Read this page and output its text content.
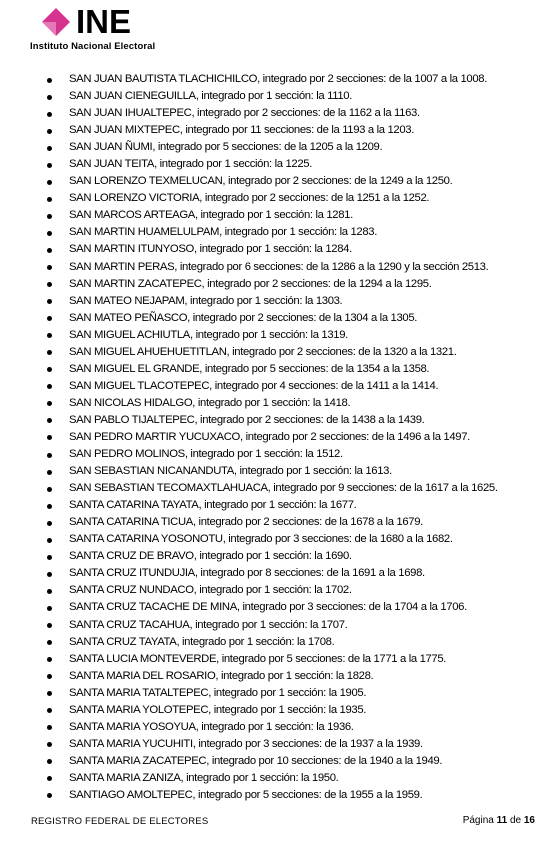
INE
Instituto Nacional Electoral
SAN JUAN BAUTISTA TLACHICHILCO, integrado por 2 secciones: de la 1007 a la 1008.
SAN JUAN CIENEGUILLA, integrado por 1 sección: la 1110.
SAN JUAN IHUALTEPEC, integrado por 2 secciones: de la 1162 a la 1163.
SAN JUAN MIXTEPEC, integrado por 11 secciones: de la 1193 a la 1203.
SAN JUAN ÑUMI, integrado por 5 secciones: de la 1205 a la 1209.
SAN JUAN TEITA, integrado por 1 sección: la 1225.
SAN LORENZO TEXMELUCAN, integrado por 2 secciones: de la 1249 a la 1250.
SAN LORENZO VICTORIA, integrado por 2 secciones: de la 1251 a la 1252.
SAN MARCOS ARTEAGA, integrado por 1 sección: la 1281.
SAN MARTIN HUAMELULPAM, integrado por 1 sección: la 1283.
SAN MARTIN ITUNYOSO, integrado por 1 sección: la 1284.
SAN MARTIN PERAS, integrado por 6 secciones: de la 1286 a la 1290 y la sección 2513.
SAN MARTIN ZACATEPEC, integrado por 2 secciones: de la 1294 a la 1295.
SAN MATEO NEJAPAM, integrado por 1 sección: la 1303.
SAN MATEO PEÑASCO, integrado por 2 secciones: de la 1304 a la 1305.
SAN MIGUEL ACHIUTLA, integrado por 1 sección: la 1319.
SAN MIGUEL AHUEHUETITLAN, integrado por 2 secciones: de la 1320 a la 1321.
SAN MIGUEL EL GRANDE, integrado por 5 secciones: de la 1354 a la 1358.
SAN MIGUEL TLACOTEPEC, integrado por 4 secciones: de la 1411 a la 1414.
SAN NICOLAS HIDALGO, integrado por 1 sección: la 1418.
SAN PABLO TIJALTEPEC, integrado por 2 secciones: de la 1438 a la 1439.
SAN PEDRO MARTIR YUCUXACO, integrado por 2 secciones: de la 1496 a la 1497.
SAN PEDRO MOLINOS, integrado por 1 sección: la 1512.
SAN SEBASTIAN NICANANDUTA, integrado por 1 sección: la 1613.
SAN SEBASTIAN TECOMAXTLAHUACA, integrado por 9 secciones: de la 1617 a la 1625.
SANTA CATARINA TAYATA, integrado por 1 sección: la 1677.
SANTA CATARINA TICUA, integrado por 2 secciones: de la 1678 a la 1679.
SANTA CATARINA YOSONOTU, integrado por 3 secciones: de la 1680 a la 1682.
SANTA CRUZ DE BRAVO, integrado por 1 sección: la 1690.
SANTA CRUZ ITUNDUJIA, integrado por 8 secciones: de la 1691 a la 1698.
SANTA CRUZ NUNDACO, integrado por 1 sección: la 1702.
SANTA CRUZ TACACHE DE MINA, integrado por 3 secciones: de la 1704 a la 1706.
SANTA CRUZ TACAHUA, integrado por 1 sección: la 1707.
SANTA CRUZ TAYATA, integrado por 1 sección: la 1708.
SANTA LUCIA MONTEVERDE, integrado por 5 secciones: de la 1771 a la 1775.
SANTA MARIA DEL ROSARIO, integrado por 1 sección: la 1828.
SANTA MARIA TATALTEPEC, integrado por 1 sección: la 1905.
SANTA MARIA YOLOTEPEC, integrado por 1 sección: la 1935.
SANTA MARIA YOSOYUA, integrado por 1 sección: la 1936.
SANTA MARIA YUCUHITI, integrado por 3 secciones: de la 1937 a la 1939.
SANTA MARIA ZACATEPEC, integrado por 10 secciones: de la 1940 a la 1949.
SANTA MARIA ZANIZA, integrado por 1 sección: la 1950.
SANTIAGO AMOLTEPEC, integrado por 5 secciones: de la 1955 a la 1959.
REGISTRO FEDERAL DE ELECTORES	Página 11 de 16
